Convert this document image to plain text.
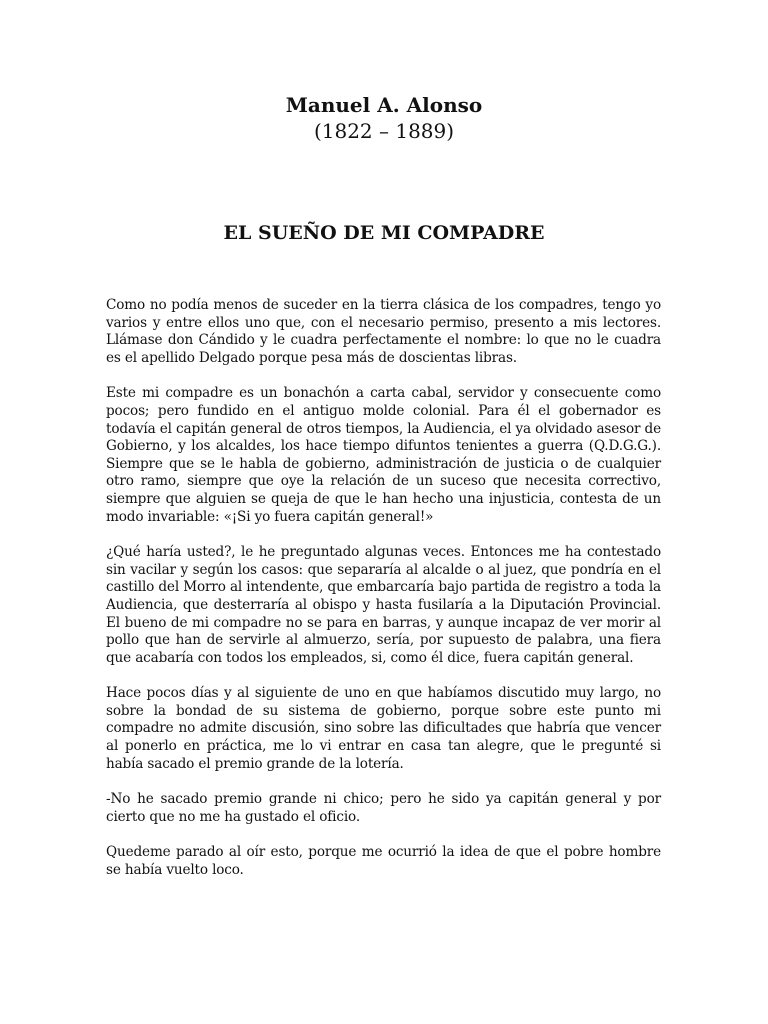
Manuel A. Alonso
(1822 – 1889)
EL SUEÑO DE MI COMPADRE

Como no podía menos de suceder en la tierra clásica de los compadres, tengo yo varios y entre ellos uno que, con el necesario permiso, presento a mis lectores. Llámase don Cándido y le cuadra perfectamente el nombre: lo que no le cuadra es el apellido Delgado porque pesa más de doscientas libras.

Este mi compadre es un bonachón a carta cabal, servidor y consecuente como pocos; pero fundido en el antiguo molde colonial. Para él el gobernador es todavía el capitán general de otros tiempos, la Audiencia, el ya olvidado asesor de Gobierno, y los alcaldes, los hace tiempo difuntos tenientes a guerra (Q.D.G.G.). Siempre que se le habla de gobierno, administración de justicia o de cualquier otro ramo, siempre que oye la relación de un suceso que necesita correctivo, siempre que alguien se queja de que le han hecho una injusticia, contesta de un modo invariable: «¡Si yo fuera capitán general!»

¿Qué haría usted?, le he preguntado algunas veces. Entonces me ha contestado sin vacilar y según los casos: que separaría al alcalde o al juez, que pondría en el castillo del Morro al intendente, que embarcaría bajo partida de registro a toda la Audiencia, que desterraría al obispo y hasta fusilaría a la Diputación Provincial. El bueno de mi compadre no se para en barras, y aunque incapaz de ver morir al pollo que han de servirle al almuerzo, sería, por supuesto de palabra, una fiera que acabaría con todos los empleados, si, como él dice, fuera capitán general.

Hace pocos días y al siguiente de uno en que habíamos discutido muy largo, no sobre la bondad de su sistema de gobierno, porque sobre este punto mi compadre no admite discusión, sino sobre las dificultades que habría que vencer al ponerlo en práctica, me lo vi entrar en casa tan alegre, que le pregunté si había sacado el premio grande de la lotería.

-No he sacado premio grande ni chico; pero he sido ya capitán general y por cierto que no me ha gustado el oficio.

Quedeme parado al oír esto, porque me ocurrió la idea de que el pobre hombre se había vuelto loco.
